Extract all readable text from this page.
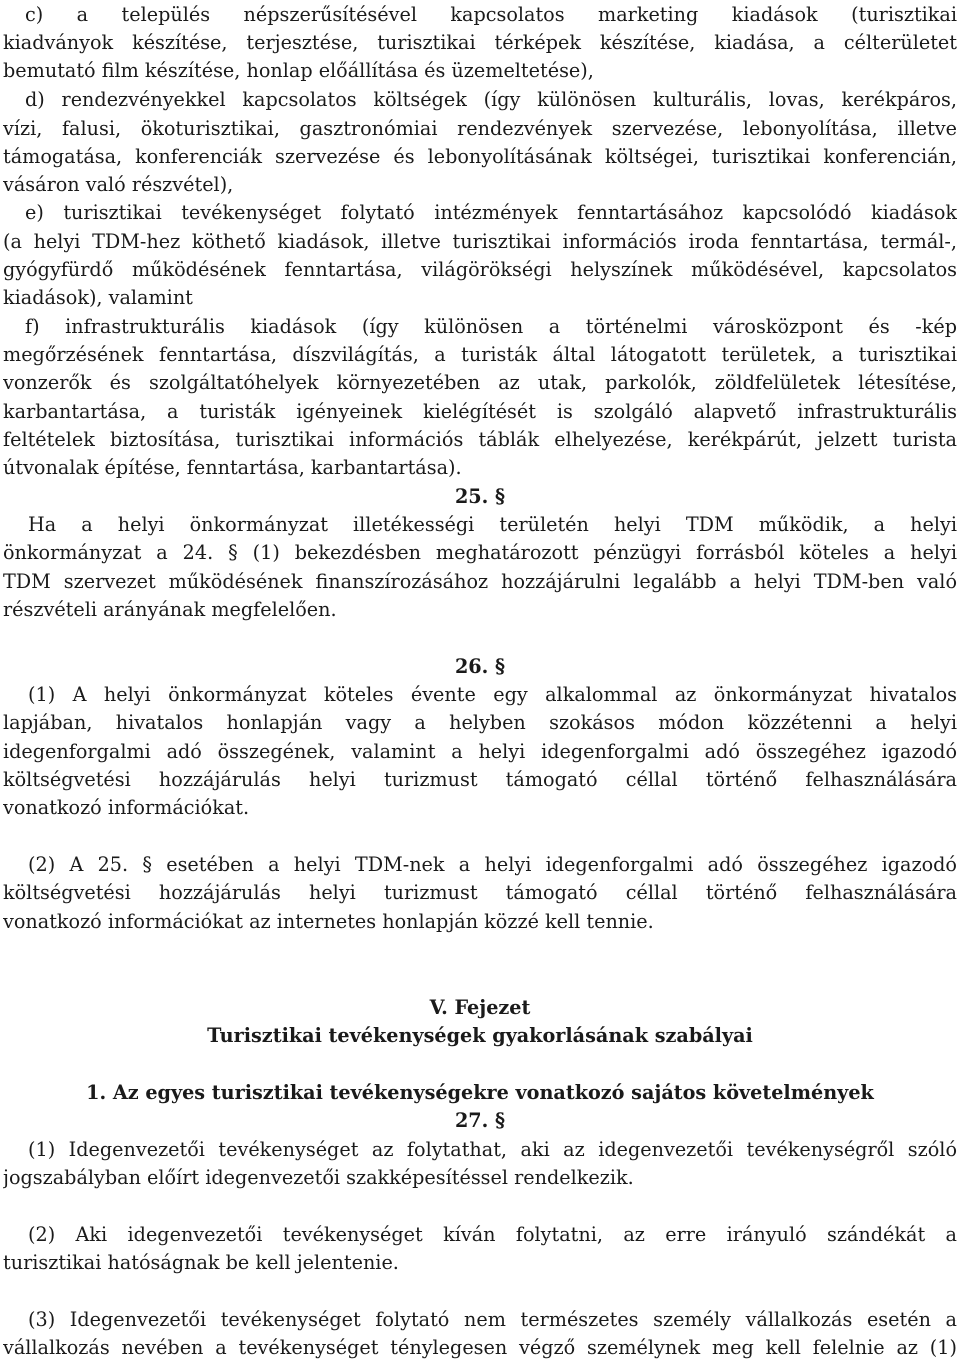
c) a település népszerűsítésével kapcsolatos marketing kiadások (turisztikai
kiadványok készítése, terjesztése, turisztikai térképek készítése, kiadása, a célterületet
bemutató film készítése, honlap előállítása és üzemeltetése),
d) rendezvényekkel kapcsolatos költségek (így különösen kulturális, lovas, kerékpáros,
vízi, falusi, ökoturisztikai, gasztronómiai rendezvények szervezése, lebonyolítása, illetve
támogatása, konferenciák szervezése és lebonyolításának költségei, turisztikai konferencián,
vásáron való részvétel),
e) turisztikai tevékenységet folytató intézmények fenntartásához kapcsolódó kiadások
(a helyi TDM-hez köthető kiadások, illetve turisztikai információs iroda fenntartása, termál-,
gyógyfürdő működésének fenntartása, világörökségi helyszínek működésével, kapcsolatos
kiadások), valamint
f) infrastrukturális kiadások (így különösen a történelmi városközpont és -kép
megőrzésének fenntartása, díszvilágítás, a turisták által látogatott területek, a turisztikai
vonzerők és szolgáltatóhelyek környezetében az utak, parkolók, zöldfelületek létesítése,
karbantartása, a turisták igényeinek kielégítését is szolgáló alapvető infrastrukturális
feltételek biztosítása, turisztikai információs táblák elhelyezése, kerékpárút, jelzett turista
útvonalak építése, fenntartása, karbantartása).
25. §
Ha a helyi önkormányzat illetékességi területén helyi TDM működik, a helyi
önkormányzat a 24. § (1) bekezdésben meghatározott pénzügyi forrásból köteles a helyi
TDM szervezet működésének finanszírozásához hozzájárulni legalább a helyi TDM-ben való
részvételi arányának megfelelően.
26. §
(1) A helyi önkormányzat köteles évente egy alkalommal az önkormányzat hivatalos
lapjában, hivatalos honlapján vagy a helyben szokásos módon közzétenni a helyi
idegenforgalmi adó összegének, valamint a helyi idegenforgalmi adó összegéhez igazodó
költségvetési hozzájárulás helyi turizmust támogató céllal történő felhasználására
vonatkozó információkat.
(2) A 25. § esetében a helyi TDM-nek a helyi idegenforgalmi adó összegéhez igazodó
költségvetési hozzájárulás helyi turizmust támogató céllal történő felhasználására
vonatkozó információkat az internetes honlapján közzé kell tennie.
V. Fejezet
Turisztikai tevékenységek gyakorlásának szabályai
1. Az egyes turisztikai tevékenységekre vonatkozó sajátos követelmények
27. §
(1) Idegenvezetői tevékenységet az folytathat, aki az idegenvezetői tevékenységről szóló
jogszabályban előírt idegenvezetői szakképesítéssel rendelkezik.
(2) Aki idegenvezetői tevékenységet kíván folytatni, az erre irányuló szándékát a
turisztikai hatóságnak be kell jelentenie.
(3) Idegenvezetői tevékenységet folytató nem természetes személy vállalkozás esetén a
vállalkozás nevében a tevékenységet ténylegesen végző személynek meg kell felelnie az (1)
